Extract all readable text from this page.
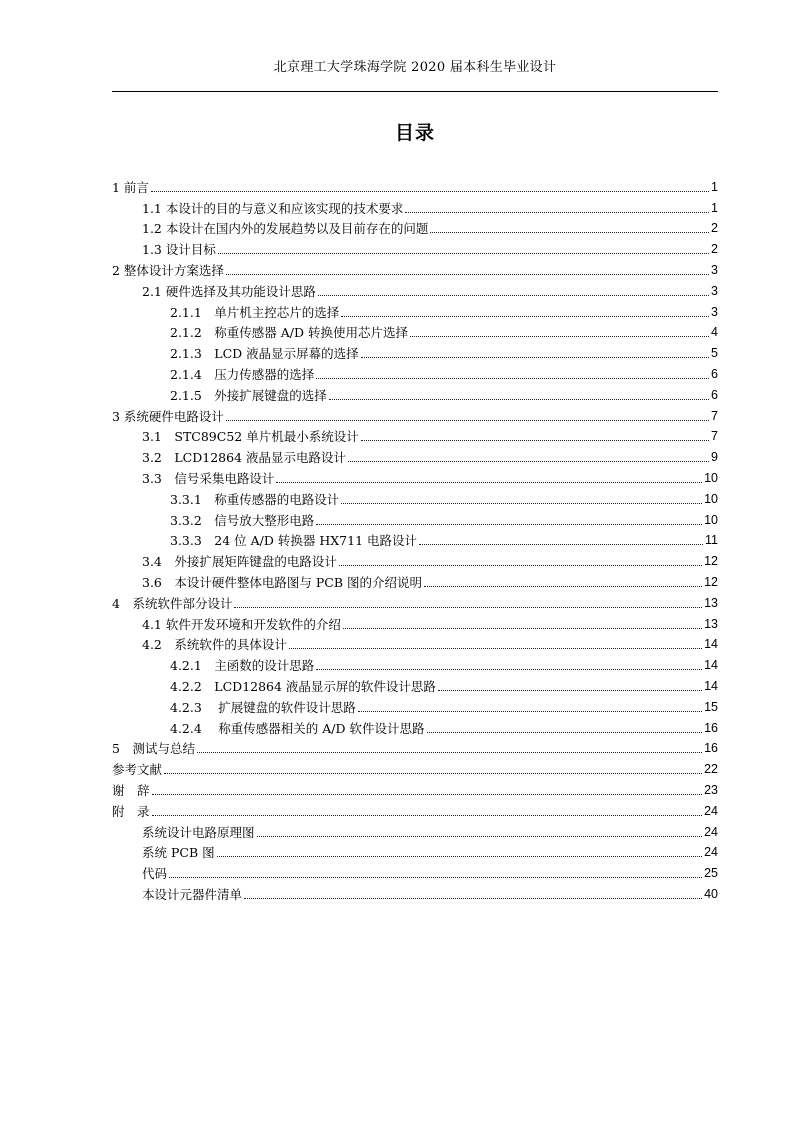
北京理工大学珠海学院 2020 届本科生毕业设计
目录
1 前言	1
1.1 本设计的目的与意义和应该实现的技术要求	1
1.2 本设计在国内外的发展趋势以及目前存在的问题	2
1.3 设计目标	2
2 整体设计方案选择	3
2.1 硬件选择及其功能设计思路	3
2.1.1　单片机主控芯片的选择	3
2.1.2　称重传感器 A/D 转换使用芯片选择	4
2.1.3　LCD 液晶显示屏幕的选择	5
2.1.4　压力传感器的选择	6
2.1.5　外接扩展键盘的选择	6
3 系统硬件电路设计	7
3.1　STC89C52 单片机最小系统设计	7
3.2　LCD12864 液晶显示电路设计	9
3.3　信号采集电路设计	10
3.3.1　称重传感器的电路设计	10
3.3.2　信号放大整形电路	10
3.3.3　24 位 A/D 转换器 HX711 电路设计	11
3.4　外接扩展矩阵键盘的电路设计	12
3.6　本设计硬件整体电路图与 PCB 图的介绍说明	12
4　系统软件部分设计	13
4.1 软件开发环境和开发软件的介绍	13
4.2　系统软件的具体设计	14
4.2.1　主函数的设计思路	14
4.2.2　LCD12864 液晶显示屏的软件设计思路	14
4.2.3　 扩展键盘的软件设计思路	15
4.2.4　 称重传感器相关的 A/D 软件设计思路	16
5　测试与总结	16
参考文献	22
谢　辞	23
附　录	24
系统设计电路原理图	24
系统 PCB 图	24
代码	25
本设计元器件清单	40
